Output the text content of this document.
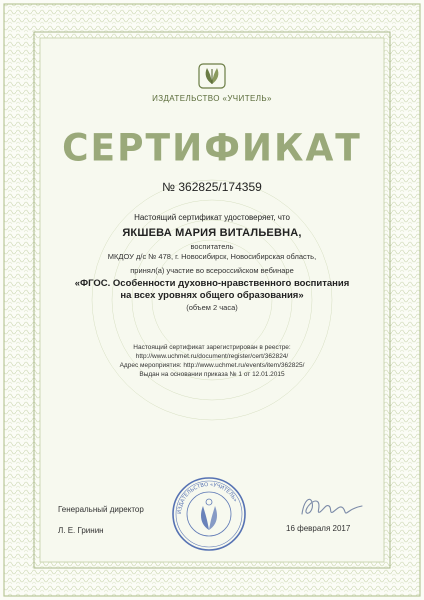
ИЗДАТЕЛЬСТВО «УЧИТЕЛЬ»
СЕРТИФИКАТ
№ 362825/174359
Настоящий сертификат удостоверяет, что
ЯКШЕВА МАРИЯ ВИТАЛЬЕВНА,
воспитатель
МКДОУ д/с № 478, г. Новосибирск, Новосибирская область,
принял(а) участие во всероссийском вебинаре
«ФГОС. Особенности духовно-нравственного воспитания
на всех уровнях общего образования»
(объем 2 часа)
Настоящий сертификат зарегистрирован в реестре:
http://www.uchmet.ru/document/register/cert/362824/
Адрес мероприятия: http://www.uchmet.ru/events/item/362825/
Выдан на основании приказа № 1 от 12.01.2015
Генеральный директор
Л. Е. Гринин	16 февраля 2017
ИЗДАТЕЛЬСТВО «УЧИТЕЛЬ»
